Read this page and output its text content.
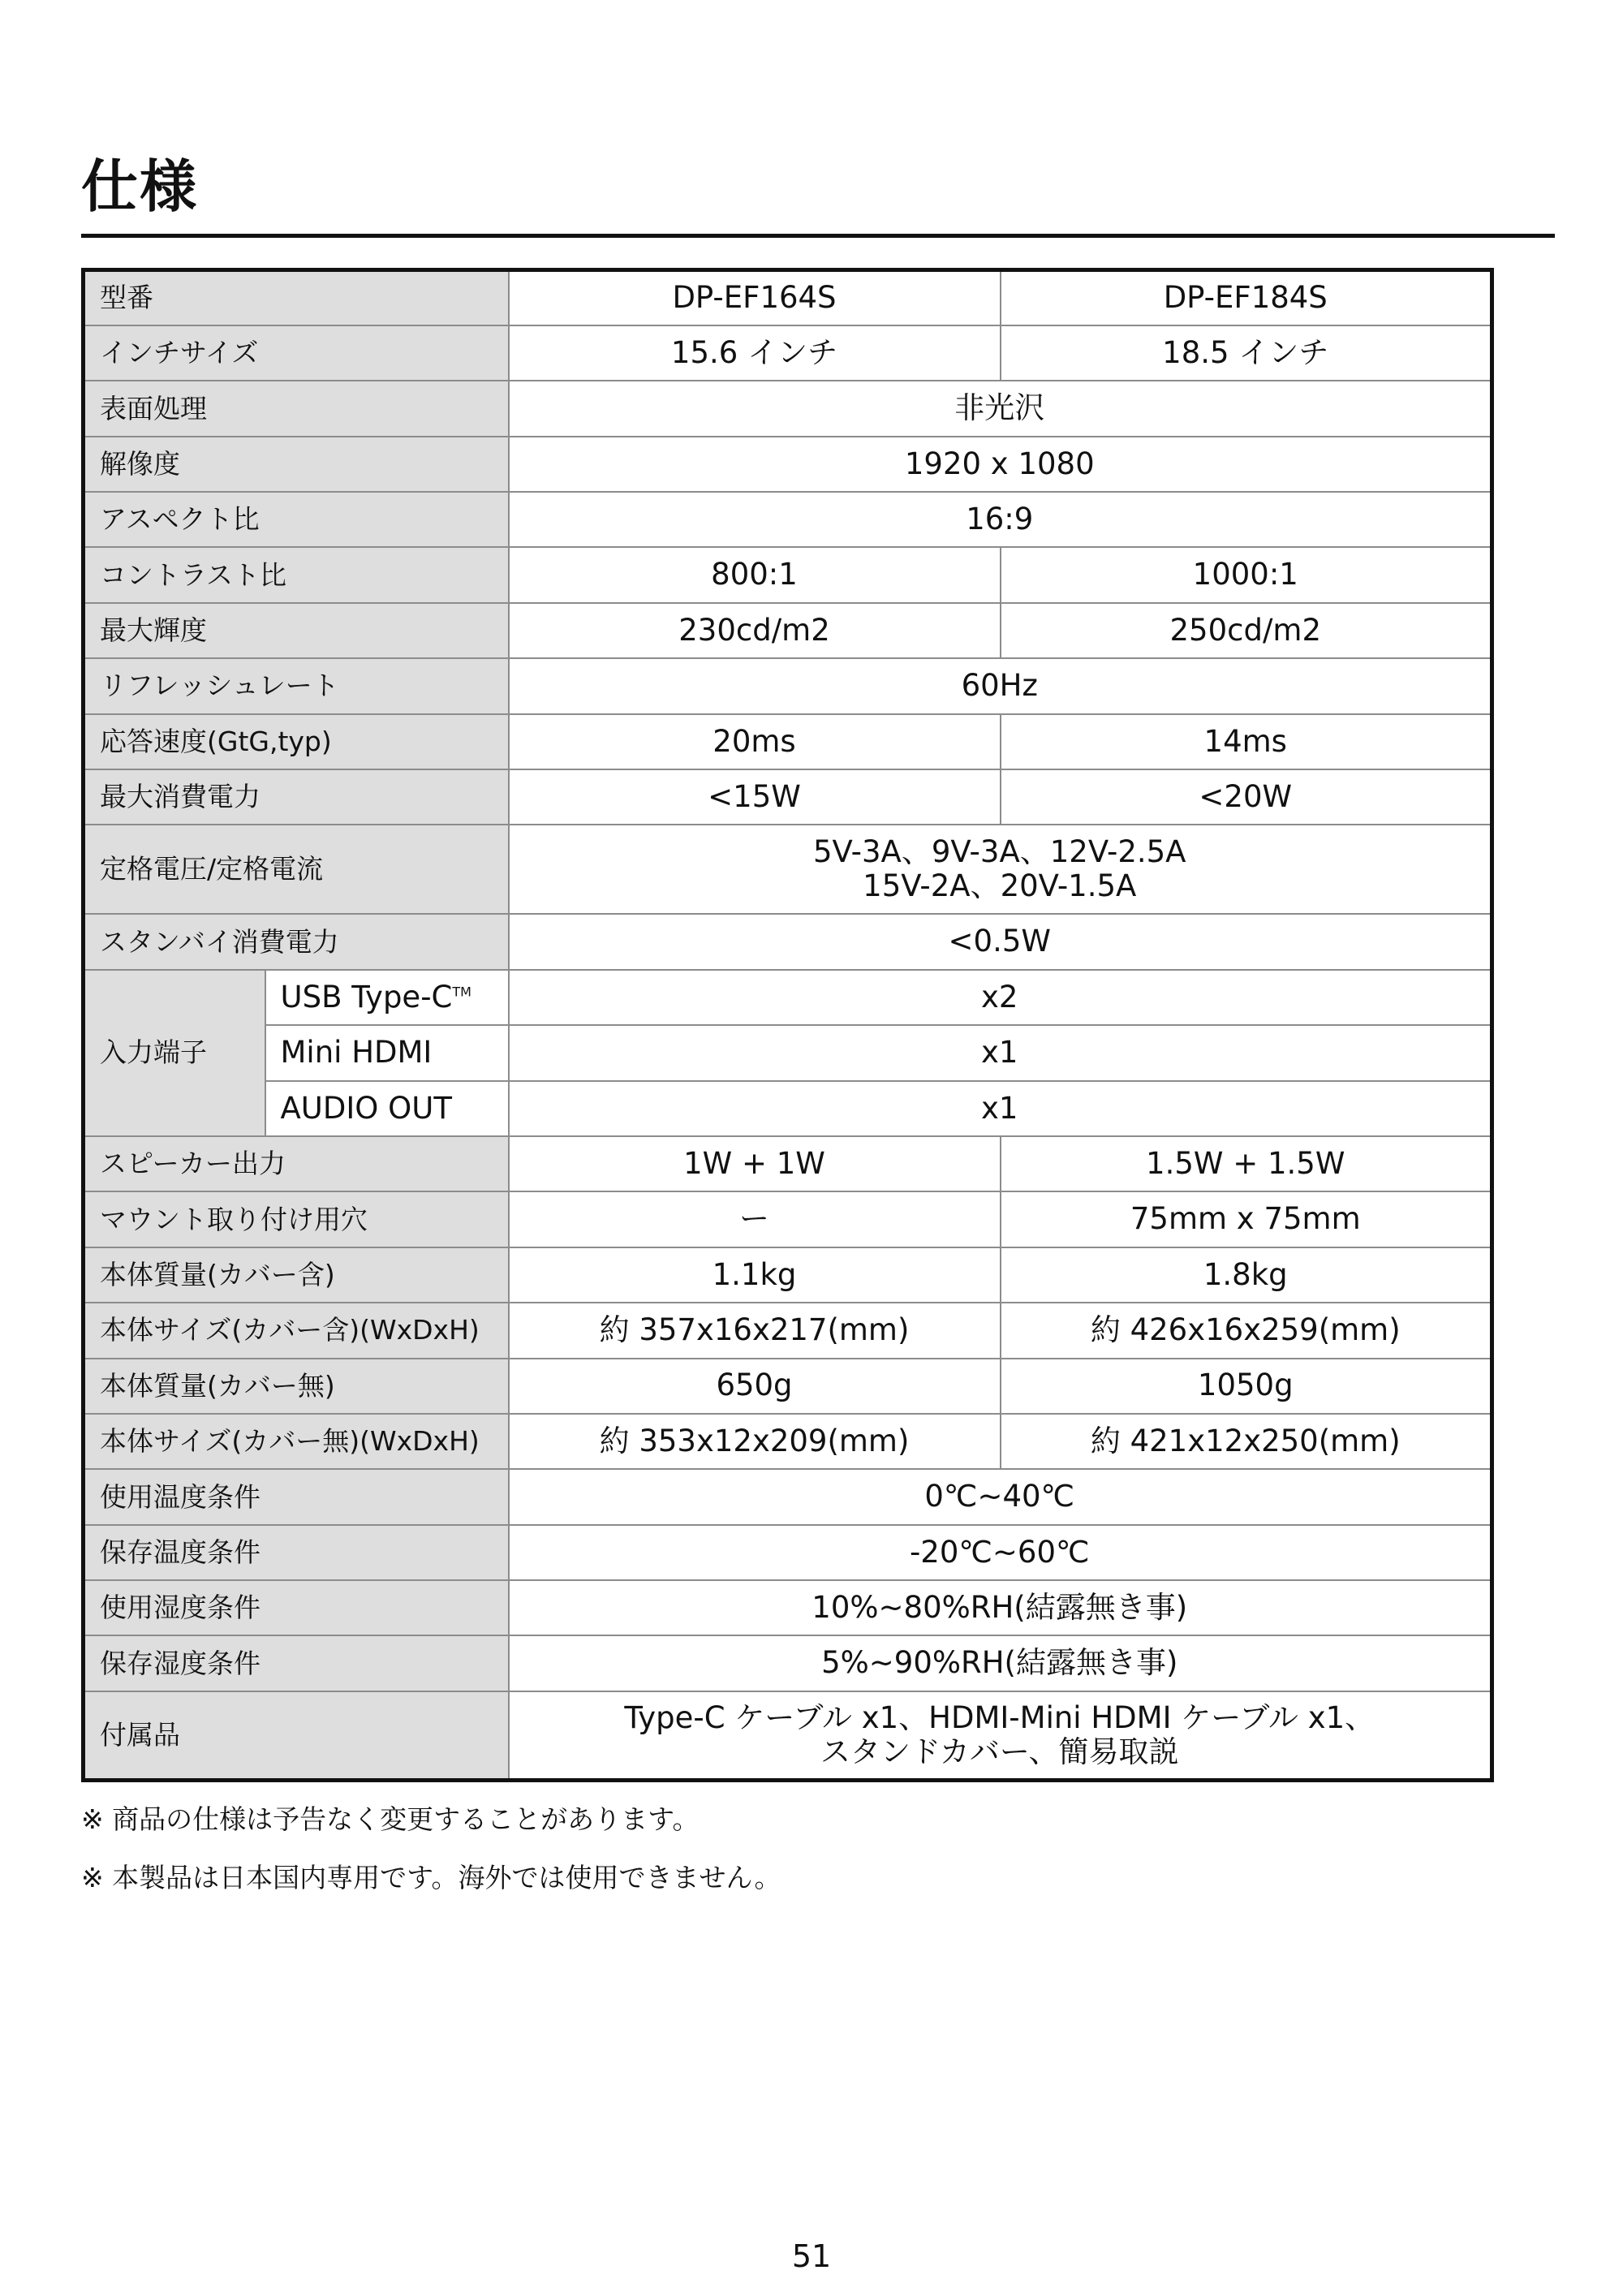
仕様
型番		DP-EF164S	DP-EF184S
インチサイズ		15.6 インチ	18.5 インチ
表面処理		非光沢	
解像度		1920 x 1080	
アスペクト比		16:9	
コントラスト比		800:1	1000:1
最大輝度		230cd/m2	250cd/m2
リフレッシュレート		60Hz	
応答速度(GtG,typ)		20ms	14ms
最大消費電力		<15W	<20W
定格電圧/定格電流		5V-3A、9V-3A、12V-2.5A
15V-2A、20V-1.5A	

スタンバイ消費電力		<0.5W	
入力端子	USB Type-C™	x2	
	Mini HDMI	x1	
	AUDIO OUT	x1	
スピーカー出力		1W + 1W	1.5W + 1.5W
マウント取り付け用穴		ー	75mm x 75mm
本体質量(カバー含)		1.1kg	1.8kg
本体サイズ(カバー含)(WxDxH)		約 357x16x217(mm)	約 426x16x259(mm)
本体質量(カバー無)		650g	1050g
本体サイズ(カバー無)(WxDxH)		約 353x12x209(mm)	約 421x12x250(mm)
使用温度条件		0℃~40℃	
保存温度条件		-20℃~60℃	
使用湿度条件		10%~80%RH(結露無き事)	
保存湿度条件		5%~90%RH(結露無き事)	
付属品		Type-C ケーブル x1、HDMI-Mini HDMI ケーブル x1、
スタンドカバー、簡易取説	
※ 商品の仕様は予告なく変更することがあります。
※ 本製品は日本国内専用です。海外では使用できません。
51
